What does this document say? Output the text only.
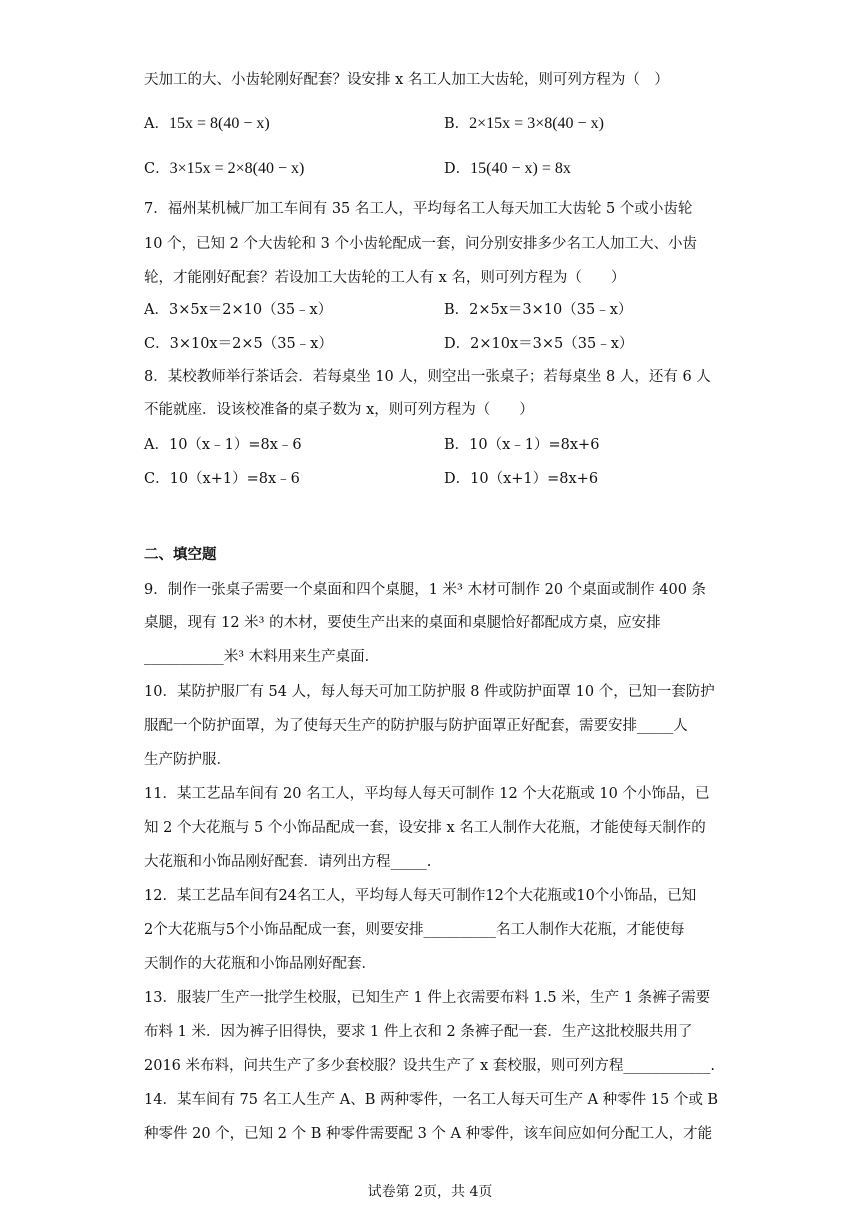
天加工的大、小齿轮刚好配套？设安排 x 名工人加工大齿轮，则可列方程为（　）
A．15x = 8(40 − x)	B．2×15x = 3×8(40 − x)
C．3×15x = 2×8(40 − x)	D．15(40 − x) = 8x
7．福州某机械厂加工车间有 35 名工人，平均每名工人每天加工大齿轮 5 个或小齿轮
10 个，已知 2 个大齿轮和 3 个小齿轮配成一套，问分别安排多少名工人加工大、小齿
轮，才能刚好配套？若设加工大齿轮的工人有 x 名，则可列方程为（　　）
A．3×5x＝2×10（35﹣x）	B．2×5x＝3×10（35﹣x）
C．3×10x＝2×5（35﹣x）	D．2×10x＝3×5（35﹣x）
8．某校教师举行茶话会．若每桌坐 10 人，则空出一张桌子；若每桌坐 8 人，还有 6 人
不能就座．设该校准备的桌子数为 x，则可列方程为（　　）
A．10（x﹣1）=8x﹣6	B．10（x﹣1）=8x+6
C．10（x+1）=8x﹣6	D．10（x+1）=8x+6
二、填空题
9．制作一张桌子需要一个桌面和四个桌腿，1 米³ 木材可制作 20 个桌面或制作 400 条
桌腿，现有 12 米³ 的木材，要使生产出来的桌面和桌腿恰好都配成方桌，应安排
___________米³ 木料用来生产桌面．
10．某防护服厂有 54 人，每人每天可加工防护服 8 件或防护面罩 10 个，已知一套防护
服配一个防护面罩，为了使每天生产的防护服与防护面罩正好配套，需要安排_____人
生产防护服．
11．某工艺品车间有 20 名工人，平均每人每天可制作 12 个大花瓶或 10 个小饰品，已
知 2 个大花瓶与 5 个小饰品配成一套，设安排 x 名工人制作大花瓶，才能使每天制作的
大花瓶和小饰品刚好配套．请列出方程_____.
12．某工艺品车间有24名工人，平均每人每天可制作12个大花瓶或10个小饰品，已知
2个大花瓶与5个小饰品配成一套，则要安排__________名工人制作大花瓶，才能使每
天制作的大花瓶和小饰品刚好配套．
13．服装厂生产一批学生校服，已知生产 1 件上衣需要布料 1.5 米，生产 1 条裤子需要
布料 1 米．因为裤子旧得快，要求 1 件上衣和 2 条裤子配一套．生产这批校服共用了
2016 米布料，问共生产了多少套校服？设共生产了 x 套校服，则可列方程____________.
14．某车间有 75 名工人生产 A、B 两种零件，一名工人每天可生产 A 种零件 15 个或 B
种零件 20 个，已知 2 个 B 种零件需要配 3 个 A 种零件，该车间应如何分配工人，才能
试卷第 2页，共 4页
